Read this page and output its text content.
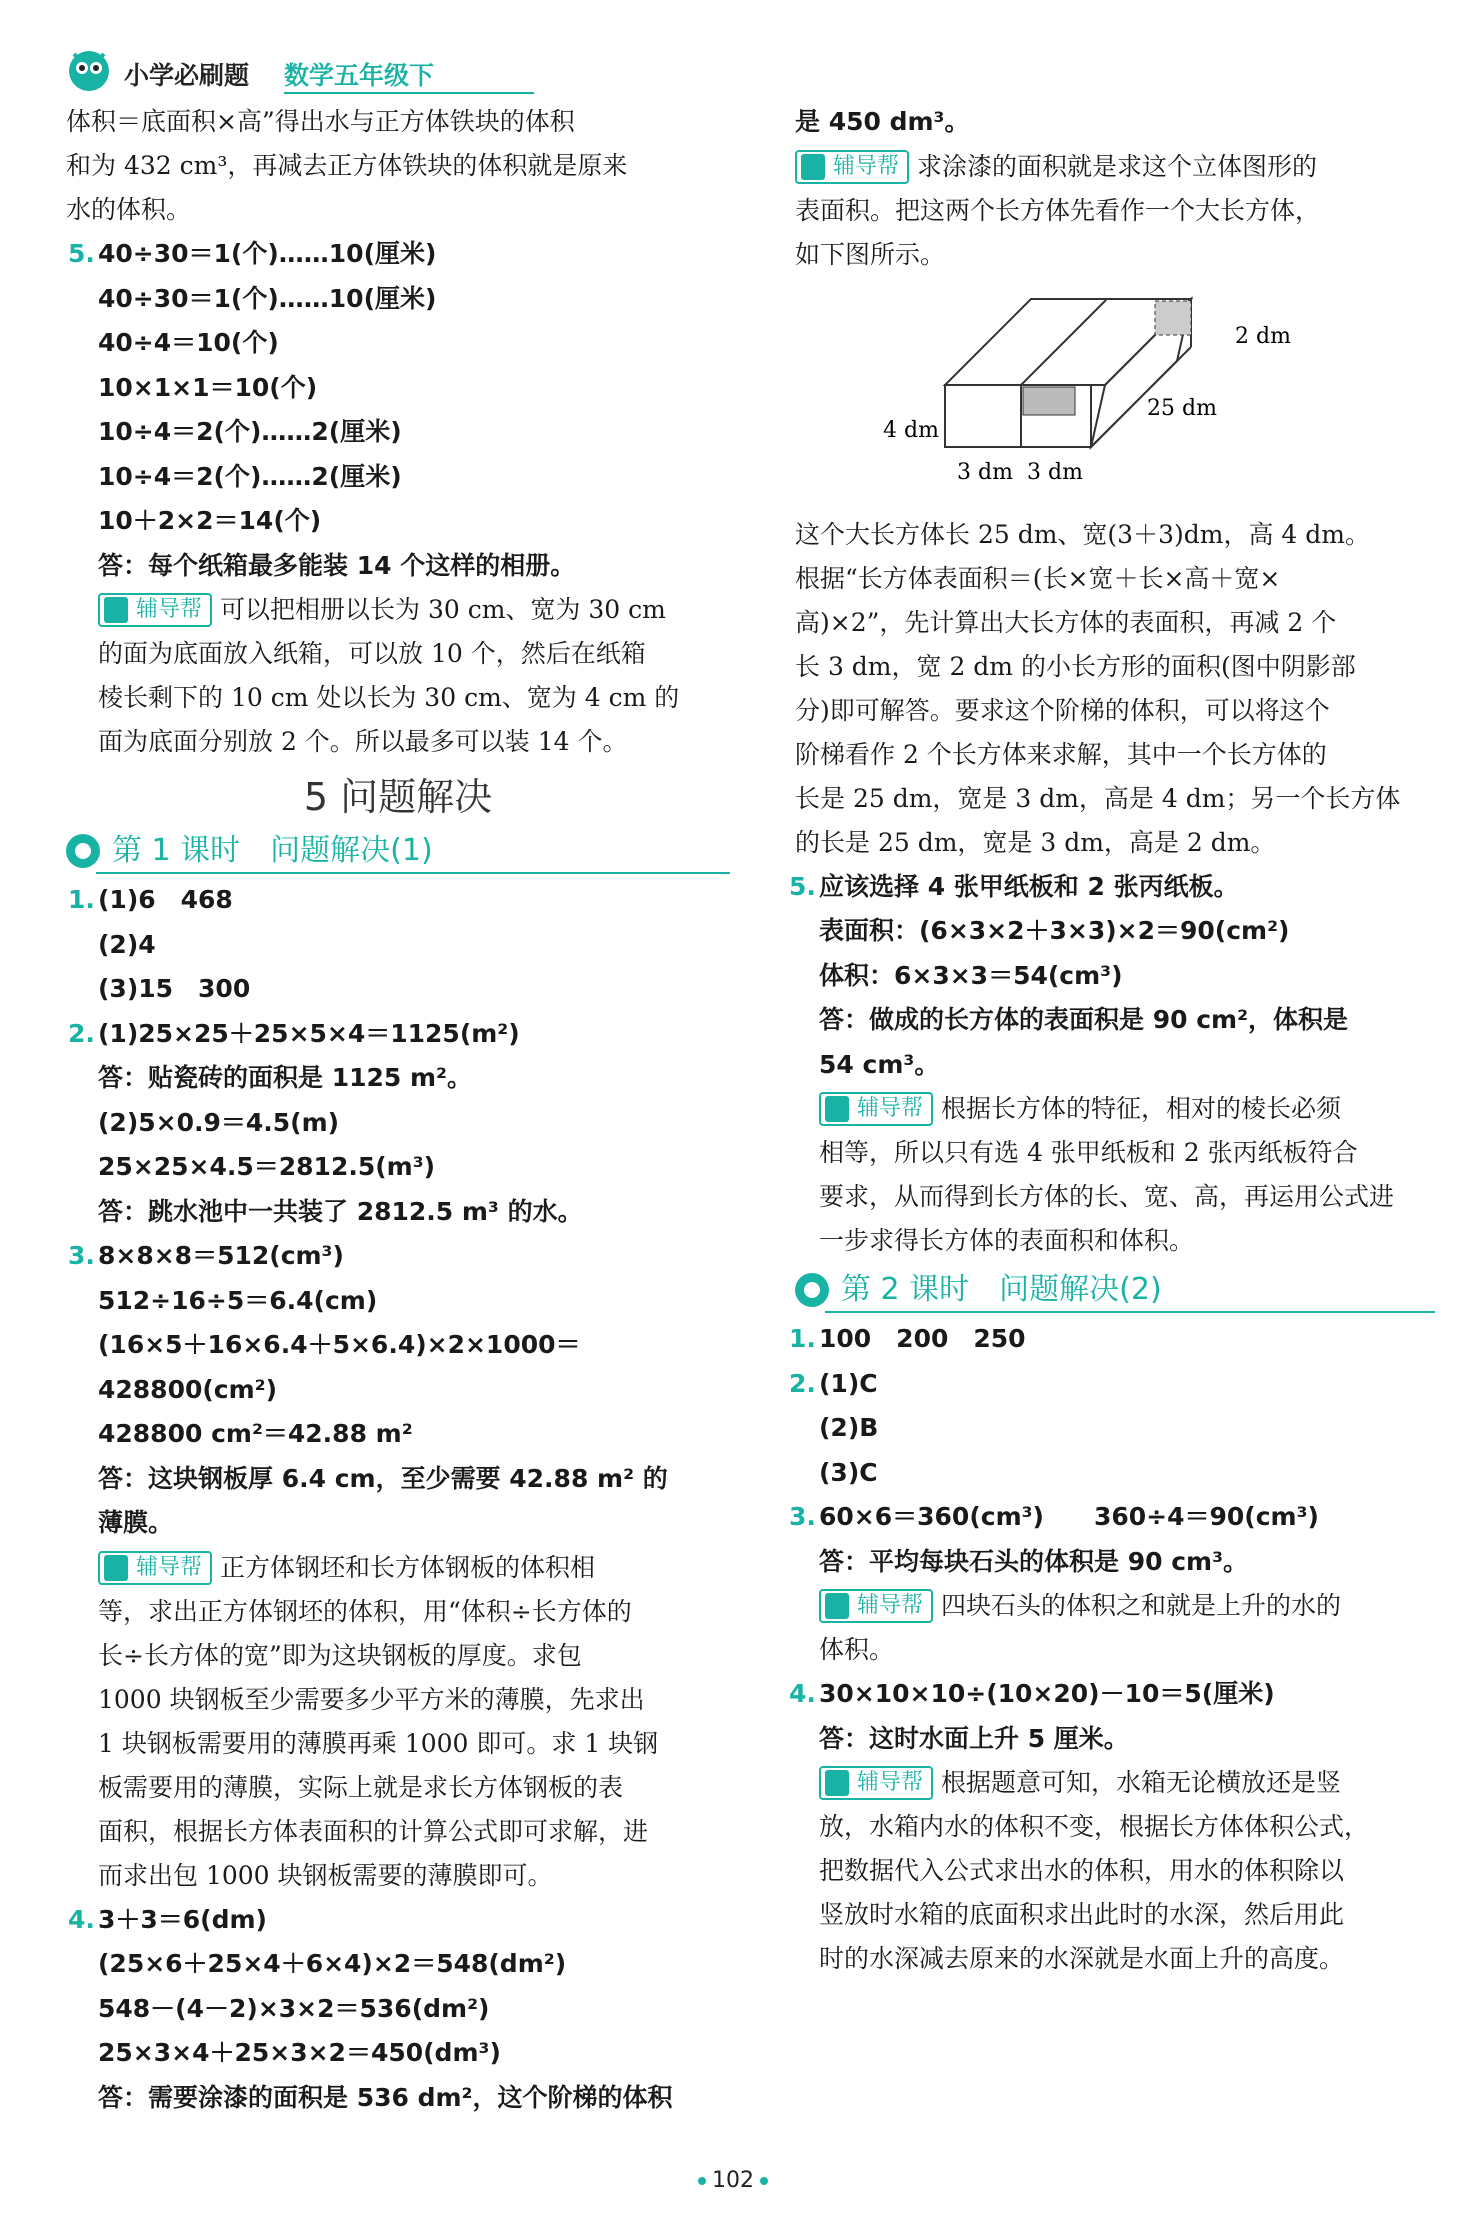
小学必刷题 数学五年级下

体积＝底面积×高”得出水与正方体铁块的体积

和为 432 cm³，再减去正方体铁块的体积就是原来

水的体积。

5. 40÷30＝1(个)……10(厘米)

40÷30＝1(个)……10(厘米)

40÷4＝10(个)

10×1×1＝10(个)

10÷4＝2(个)……2(厘米)

10÷4＝2(个)……2(厘米)

10＋2×2＝14(个)

答：每个纸箱最多能装 14 个这样的相册。

辅导帮 可以把相册以长为 30 cm、宽为 30 cm

的面为底面放入纸箱，可以放 10 个，然后在纸箱

棱长剩下的 10 cm 处以长为 30 cm、宽为 4 cm 的

面为底面分别放 2 个。所以最多可以装 14 个。

5 问题解决
第 1 课时　问题解决(1)

1. (1)6　468

(2)4

(3)15　300

2. (1)25×25＋25×5×4＝1125(m²)

答：贴瓷砖的面积是 1125 m²。

(2)5×0.9＝4.5(m)

25×25×4.5＝2812.5(m³)

答：跳水池中一共装了 2812.5 m³ 的水。

3. 8×8×8＝512(cm³)

512÷16÷5＝6.4(cm)

(16×5＋16×6.4＋5×6.4)×2×1000＝

428800(cm²)

428800 cm²＝42.88 m²

答：这块钢板厚 6.4 cm，至少需要 42.88 m² 的

薄膜。

辅导帮 正方体钢坯和长方体钢板的体积相

等，求出正方体钢坯的体积，用“体积÷长方体的

长÷长方体的宽”即为这块钢板的厚度。求包

1000 块钢板至少需要多少平方米的薄膜，先求出

1 块钢板需要用的薄膜再乘 1000 即可。求 1 块钢

板需要用的薄膜，实际上就是求长方体钢板的表

面积，根据长方体表面积的计算公式即可求解，进

而求出包 1000 块钢板需要的薄膜即可。

4. 3＋3＝6(dm)

(25×6＋25×4＋6×4)×2＝548(dm²)

548－(4－2)×3×2＝536(dm²)

25×3×4＋25×3×2＝450(dm³)

答：需要涂漆的面积是 536 dm²，这个阶梯的体积

是 450 dm³。

辅导帮 求涂漆的面积就是求这个立体图形的

表面积。把这两个长方体先看作一个大长方体，

如下图所示。

2 dm
25 dm
4 dm
3 dm 3 dm

这个大长方体长 25 dm、宽(3＋3)dm，高 4 dm。

根据“长方体表面积＝(长×宽＋长×高＋宽×

高)×2”，先计算出大长方体的表面积，再减 2 个

长 3 dm，宽 2 dm 的小长方形的面积(图中阴影部

分)即可解答。要求这个阶梯的体积，可以将这个

阶梯看作 2 个长方体来求解，其中一个长方体的

长是 25 dm，宽是 3 dm，高是 4 dm；另一个长方体

的长是 25 dm，宽是 3 dm，高是 2 dm。

5. 应该选择 4 张甲纸板和 2 张丙纸板。

表面积：(6×3×2＋3×3)×2＝90(cm²)

体积：6×3×3＝54(cm³)

答：做成的长方体的表面积是 90 cm²，体积是

54 cm³。

辅导帮 根据长方体的特征，相对的棱长必须

相等，所以只有选 4 张甲纸板和 2 张丙纸板符合

要求，从而得到长方体的长、宽、高，再运用公式进

一步求得长方体的表面积和体积。

第 2 课时　问题解决(2)

1. 100　200　250

2. (1)C

(2)B

(3)C

3. 60×6＝360(cm³)　　360÷4＝90(cm³)

答：平均每块石头的体积是 90 cm³。

辅导帮 四块石头的体积之和就是上升的水的

体积。

4. 30×10×10÷(10×20)－10＝5(厘米)

答：这时水面上升 5 厘米。

辅导帮 根据题意可知，水箱无论横放还是竖

放，水箱内水的体积不变，根据长方体体积公式，

把数据代入公式求出水的体积，用水的体积除以

竖放时水箱的底面积求出此时的水深，然后用此

时的水深减去原来的水深就是水面上升的高度。

102
